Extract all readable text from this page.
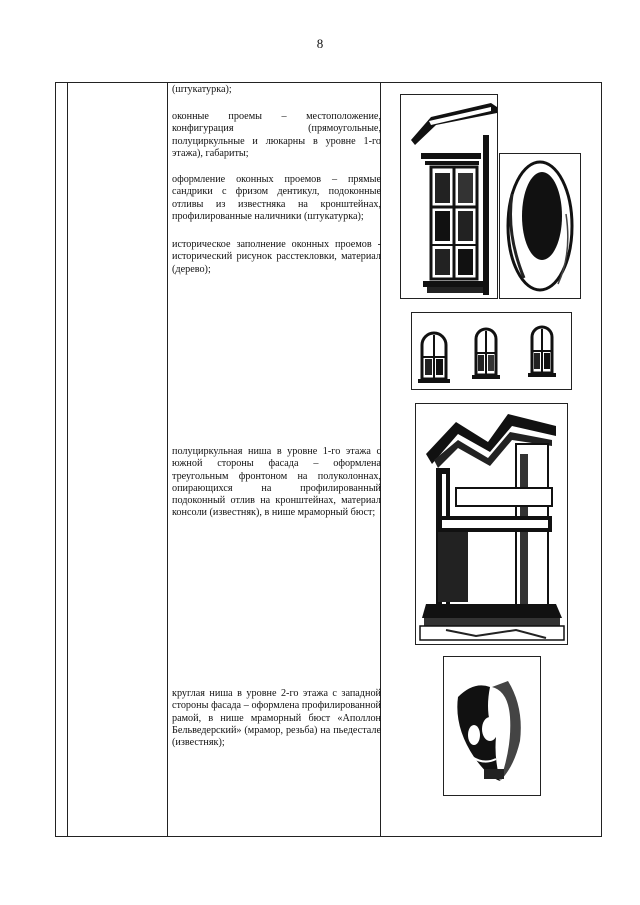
8

(штукатурка);

оконные проемы – местоположение, конфигурация (прямоугольные, полуциркульные и люкарны в уровне 1-го этажа), габариты;

оформление оконных проемов – прямые сандрики с фризом дентикул, подоконные отливы из известняка на кронштейнах, профилированные наличники (штукатурка);

историческое заполнение оконных проемов - исторический рисунок расстекловки, материал (дерево);

полуциркульная ниша в уровне 1-го этажа с южной стороны фасада – оформлена треугольным фронтоном на полуколоннах, опирающихся на профилированный подоконный отлив на кронштейнах, материал консоли (известняк), в нише мраморный бюст;

круглая ниша в уровне 2-го этажа с западной стороны фасада – оформлена профилированной рамой, в нише мраморный бюст «Аполлон Бельведерский» (мрамор, резьба) на пьедестале (известняк);
